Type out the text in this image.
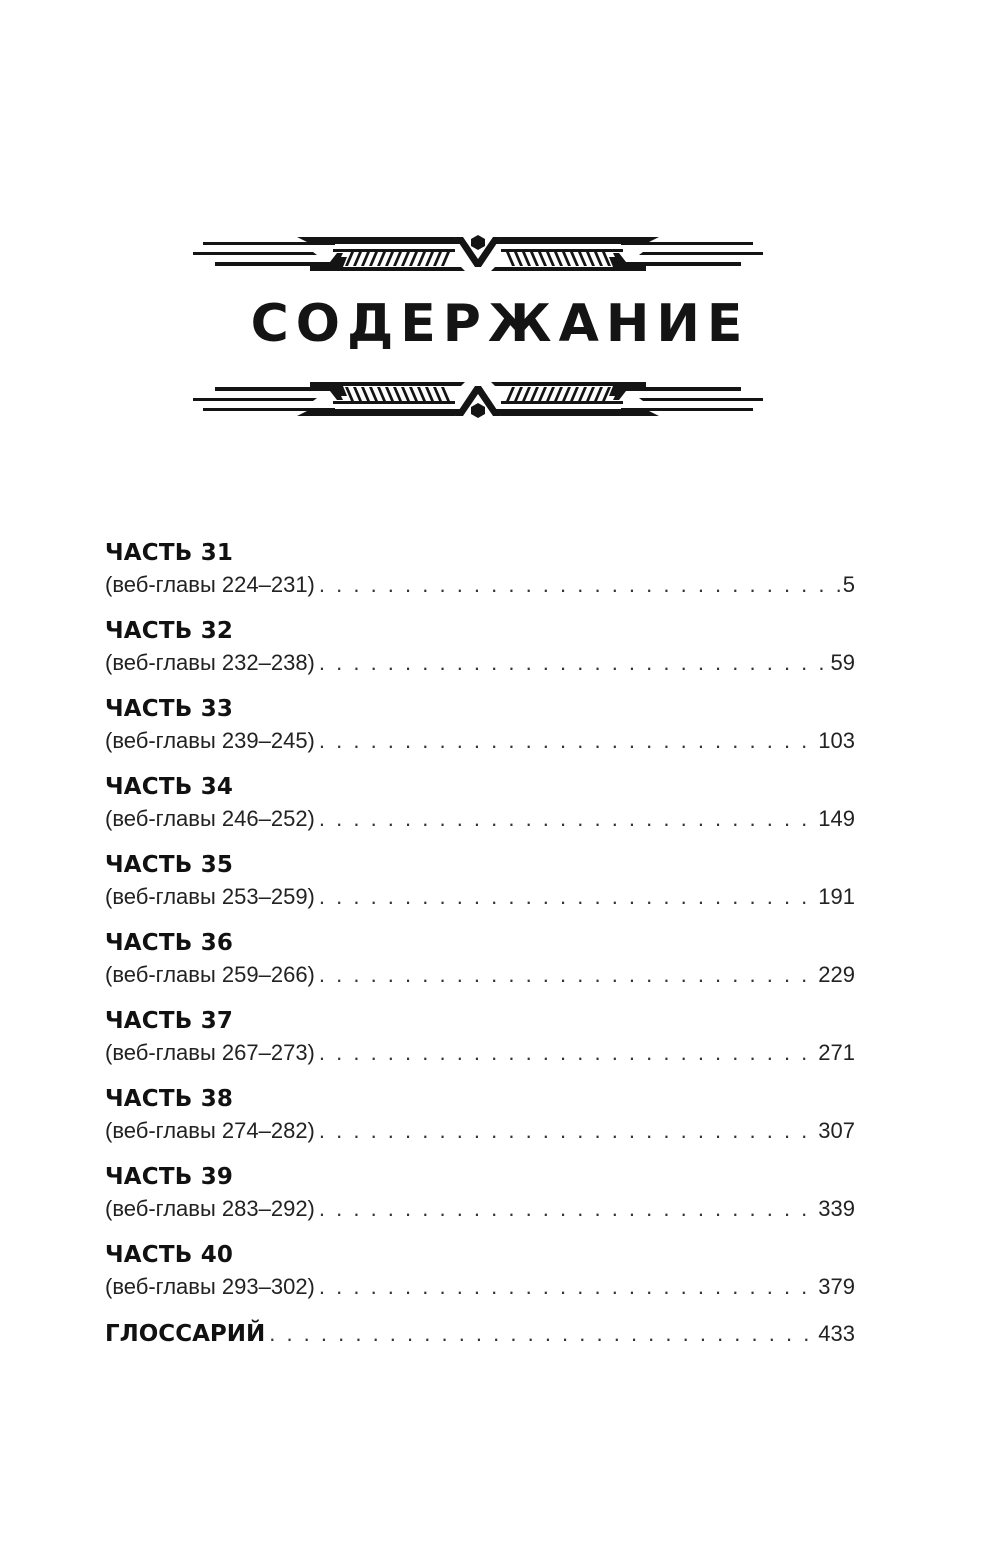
СОДЕРЖАНИЕ
ЧАСТЬ 31
(веб-главы 224–231) . . .	5
ЧАСТЬ 32
(веб-главы 232–238) . . .	59
ЧАСТЬ 33
(веб-главы 239–245) . . .	103
ЧАСТЬ 34
(веб-главы 246–252) . . .	149
ЧАСТЬ 35
(веб-главы 253–259) . . .	191
ЧАСТЬ 36
(веб-главы 259–266) . . .	229
ЧАСТЬ 37
(веб-главы 267–273) . . .	271
ЧАСТЬ 38
(веб-главы 274–282) . . .	307
ЧАСТЬ 39
(веб-главы 283–292) . . .	339
ЧАСТЬ 40
(веб-главы 293–302) . . .	379
ГЛОССАРИЙ . . .	433
